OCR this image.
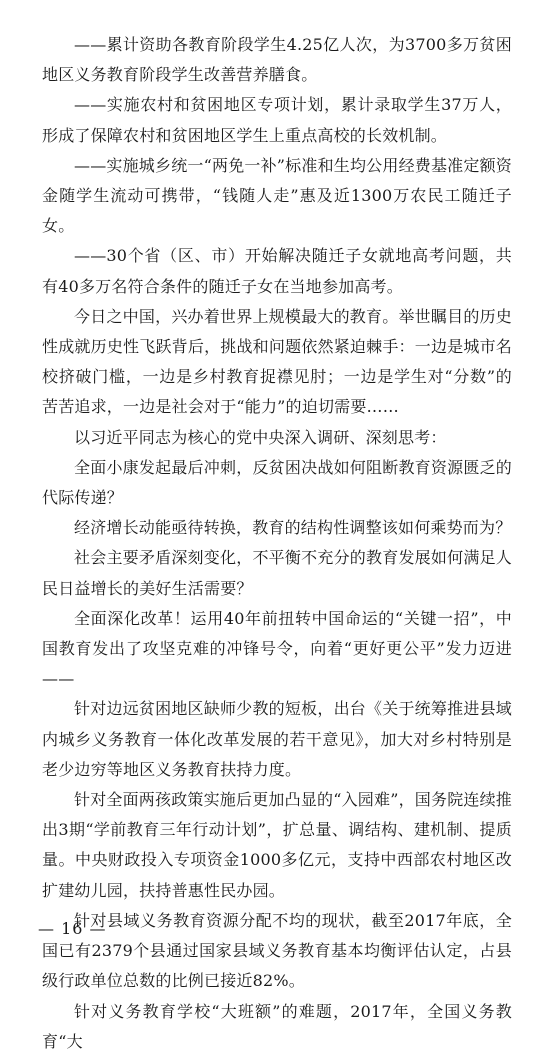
——累计资助各教育阶段学生4.25亿人次，为3700多万贫困地区义务教育阶段学生改善营养膳食。

——实施农村和贫困地区专项计划，累计录取学生37万人，形成了保障农村和贫困地区学生上重点高校的长效机制。

——实施城乡统一“两免一补”标准和生均公用经费基准定额资金随学生流动可携带，“钱随人走”惠及近1300万农民工随迁子女。

——30个省（区、市）开始解决随迁子女就地高考问题，共有40多万名符合条件的随迁子女在当地参加高考。

今日之中国，兴办着世界上规模最大的教育。举世瞩目的历史性成就历史性飞跃背后，挑战和问题依然紧迫棘手：一边是城市名校挤破门槛，一边是乡村教育捉襟见肘；一边是学生对“分数”的苦苦追求，一边是社会对于“能力”的迫切需要……

以习近平同志为核心的党中央深入调研、深刻思考：

全面小康发起最后冲刺，反贫困决战如何阻断教育资源匮乏的代际传递？

经济增长动能亟待转换，教育的结构性调整该如何乘势而为？

社会主要矛盾深刻变化，不平衡不充分的教育发展如何满足人民日益增长的美好生活需要？

全面深化改革！运用40年前扭转中国命运的“关键一招”，中国教育发出了攻坚克难的冲锋号令，向着“更好更公平”发力迈进——

针对边远贫困地区缺师少教的短板，出台《关于统筹推进县域内城乡义务教育一体化改革发展的若干意见》，加大对乡村特别是老少边穷等地区义务教育扶持力度。

针对全面两孩政策实施后更加凸显的“入园难”，国务院连续推出3期“学前教育三年行动计划”，扩总量、调结构、建机制、提质量。中央财政投入专项资金1000多亿元，支持中西部农村地区改扩建幼儿园，扶持普惠性民办园。

针对县域义务教育资源分配不均的现状，截至2017年底，全国已有2379个县通过国家县域义务教育基本均衡评估认定，占县级行政单位总数的比例已接近82%。

针对义务教育学校“大班额”的难题，2017年，全国义务教育“大

— 16 —
